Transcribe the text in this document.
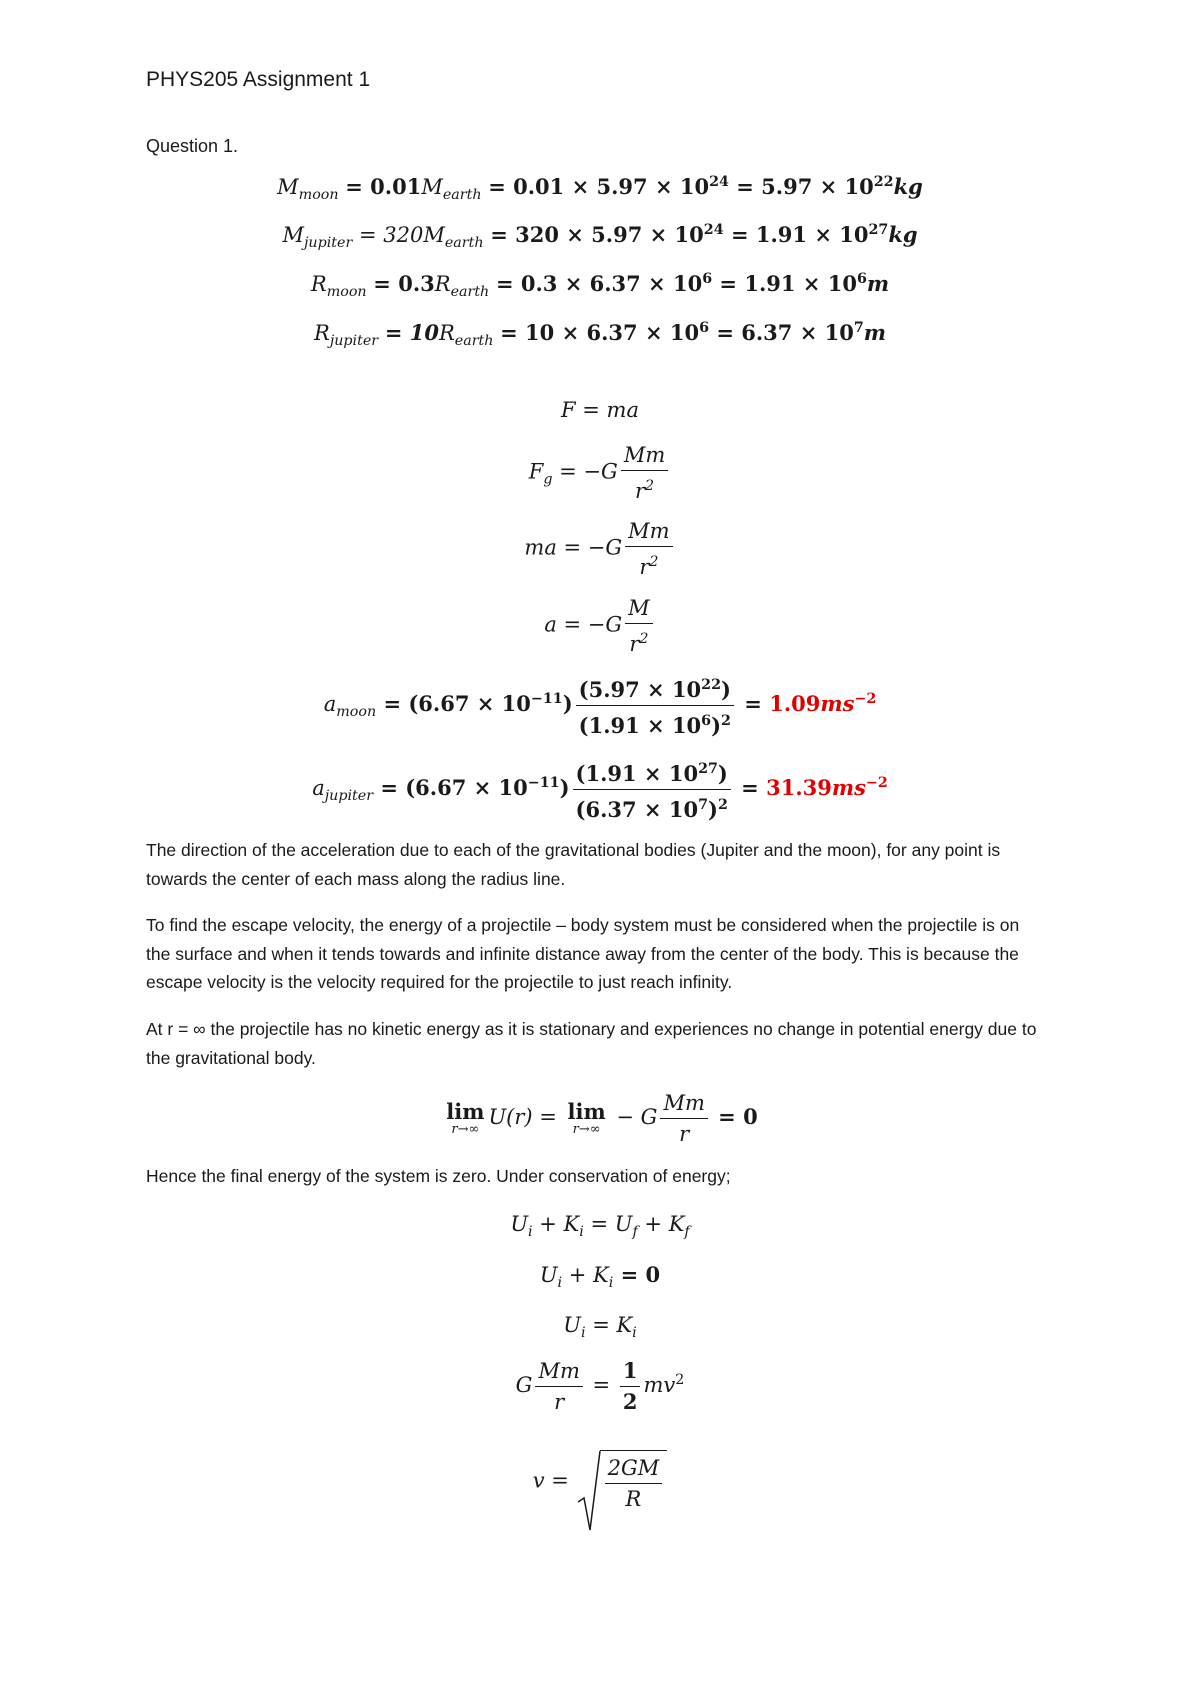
PHYS205 Assignment 1
Question 1.
$M_{moon} = 0.01M_{earth} = 0.01 \times 5.97 \times 10^{24} = 5.97 \times 10^{22}kg$
$M_{jupiter} = 320M_{earth} = 320 \times 5.97 \times 10^{24} = 1.91 \times 10^{27}kg$
$R_{moon} = 0.3R_{earth} = 0.3 \times 6.37 \times 10^6 = 1.91 \times 10^6m$
$R_{jupiter} = 10R_{earth} = 10 \times 6.37 \times 10^6 = 6.37 \times 10^7m$
F = ma
$F_g = -G \frac{Mm}{r^2}$
ma = $-G \frac{Mm}{r^2}$
$a = -G \frac{M}{r^2}$
$a_{moon} = (6.67 \times 10^{-11}) \frac{(5.97 \times 10^{22})}{(1.91 \times 10^6)^2} = 1.09ms^{-2}$
$a_{jupiter} = (6.67 \times 10^{-11}) \frac{(1.91 \times 10^{27})}{(6.37 \times 10^7)^2} = 31.39ms^{-2}$
The direction of the acceleration due to each of the gravitational bodies (Jupiter and the moon), for any point is towards the center of each mass along the radius line.
To find the escape velocity, the energy of a projectile – body system must be considered when the projectile is on the surface and when it tends towards and infinite distance away from the center of the body. This is because the escape velocity is the velocity required for the projectile to just reach infinity.
At r = ∞ the projectile has no kinetic energy as it is stationary and experiences no change in potential energy due to the gravitational body.
lim
r→∞ U(r) = lim
r→∞ − G $\frac{Mm}{r} = 0$
Hence the final energy of the system is zero. Under conservation of energy;
$U_i + K_i = U_f + K_f$
$U_i + K_i = 0$
$U_i = K_i$
G $\frac{Mm}{r} = \frac{1}{2} mv^2$
$v = \frac{2GM}{R}$
